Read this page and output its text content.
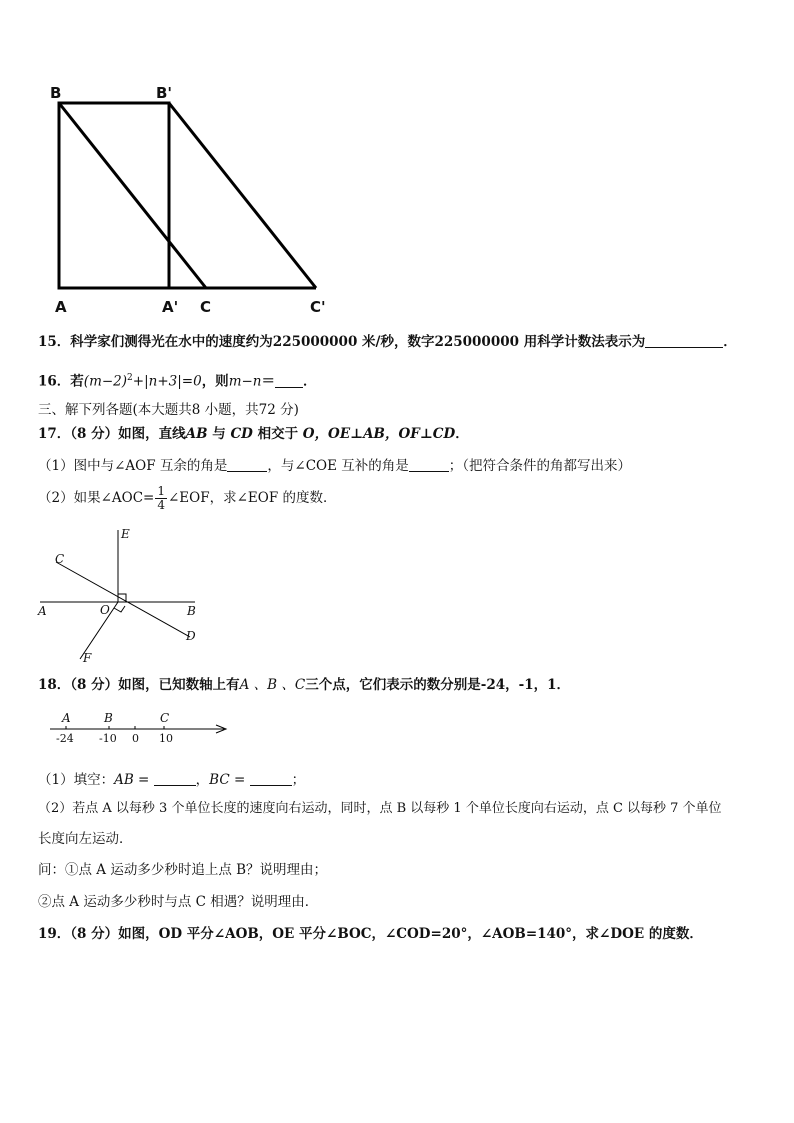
B	B'
A	A' C	C'
15．科学家们测得光在水中的速度约为225000000 米/秒，数字225000000 用科学计数法表示为	．
16．若$(m-2)^2+|n+3|=0$，则m−n＝ ．
三、解下列各题(本大题共8 小题，共72 分)
17．（8 分）如图，直线AB 与 CD 相交于 O，OE⊥AB，OF⊥CD．
（1）图中与∠AOF 互余的角是	，与∠COE 互补的角是	；（把符合条件的角都写出来）
（2）如果∠AOC= $\frac{1}{4}$ ∠EOF，求∠EOF 的度数．
E
C
A	O	B
D
F
18．（8 分）如图，已知数轴上有A 、B 、C三个点，它们表示的数分别是-24，-1，1．
A	B	C
-24 -10 0 10
（1）填空：AB =	，BC =	；
（2）若点 A 以每秒 3 个单位长度的速度向右运动，同时，点 B 以每秒 1 个单位长度向右运动，点 C 以每秒 7 个单位
长度向左运动．
问：①点 A 运动多少秒时追上点 B？说明理由；
②点 A 运动多少秒时与点 C 相遇？说明理由．
19．（8 分）如图，OD 平分∠AOB，OE 平分∠BOC，∠COD=20°，∠AOB=140°，求∠DOE 的度数．
